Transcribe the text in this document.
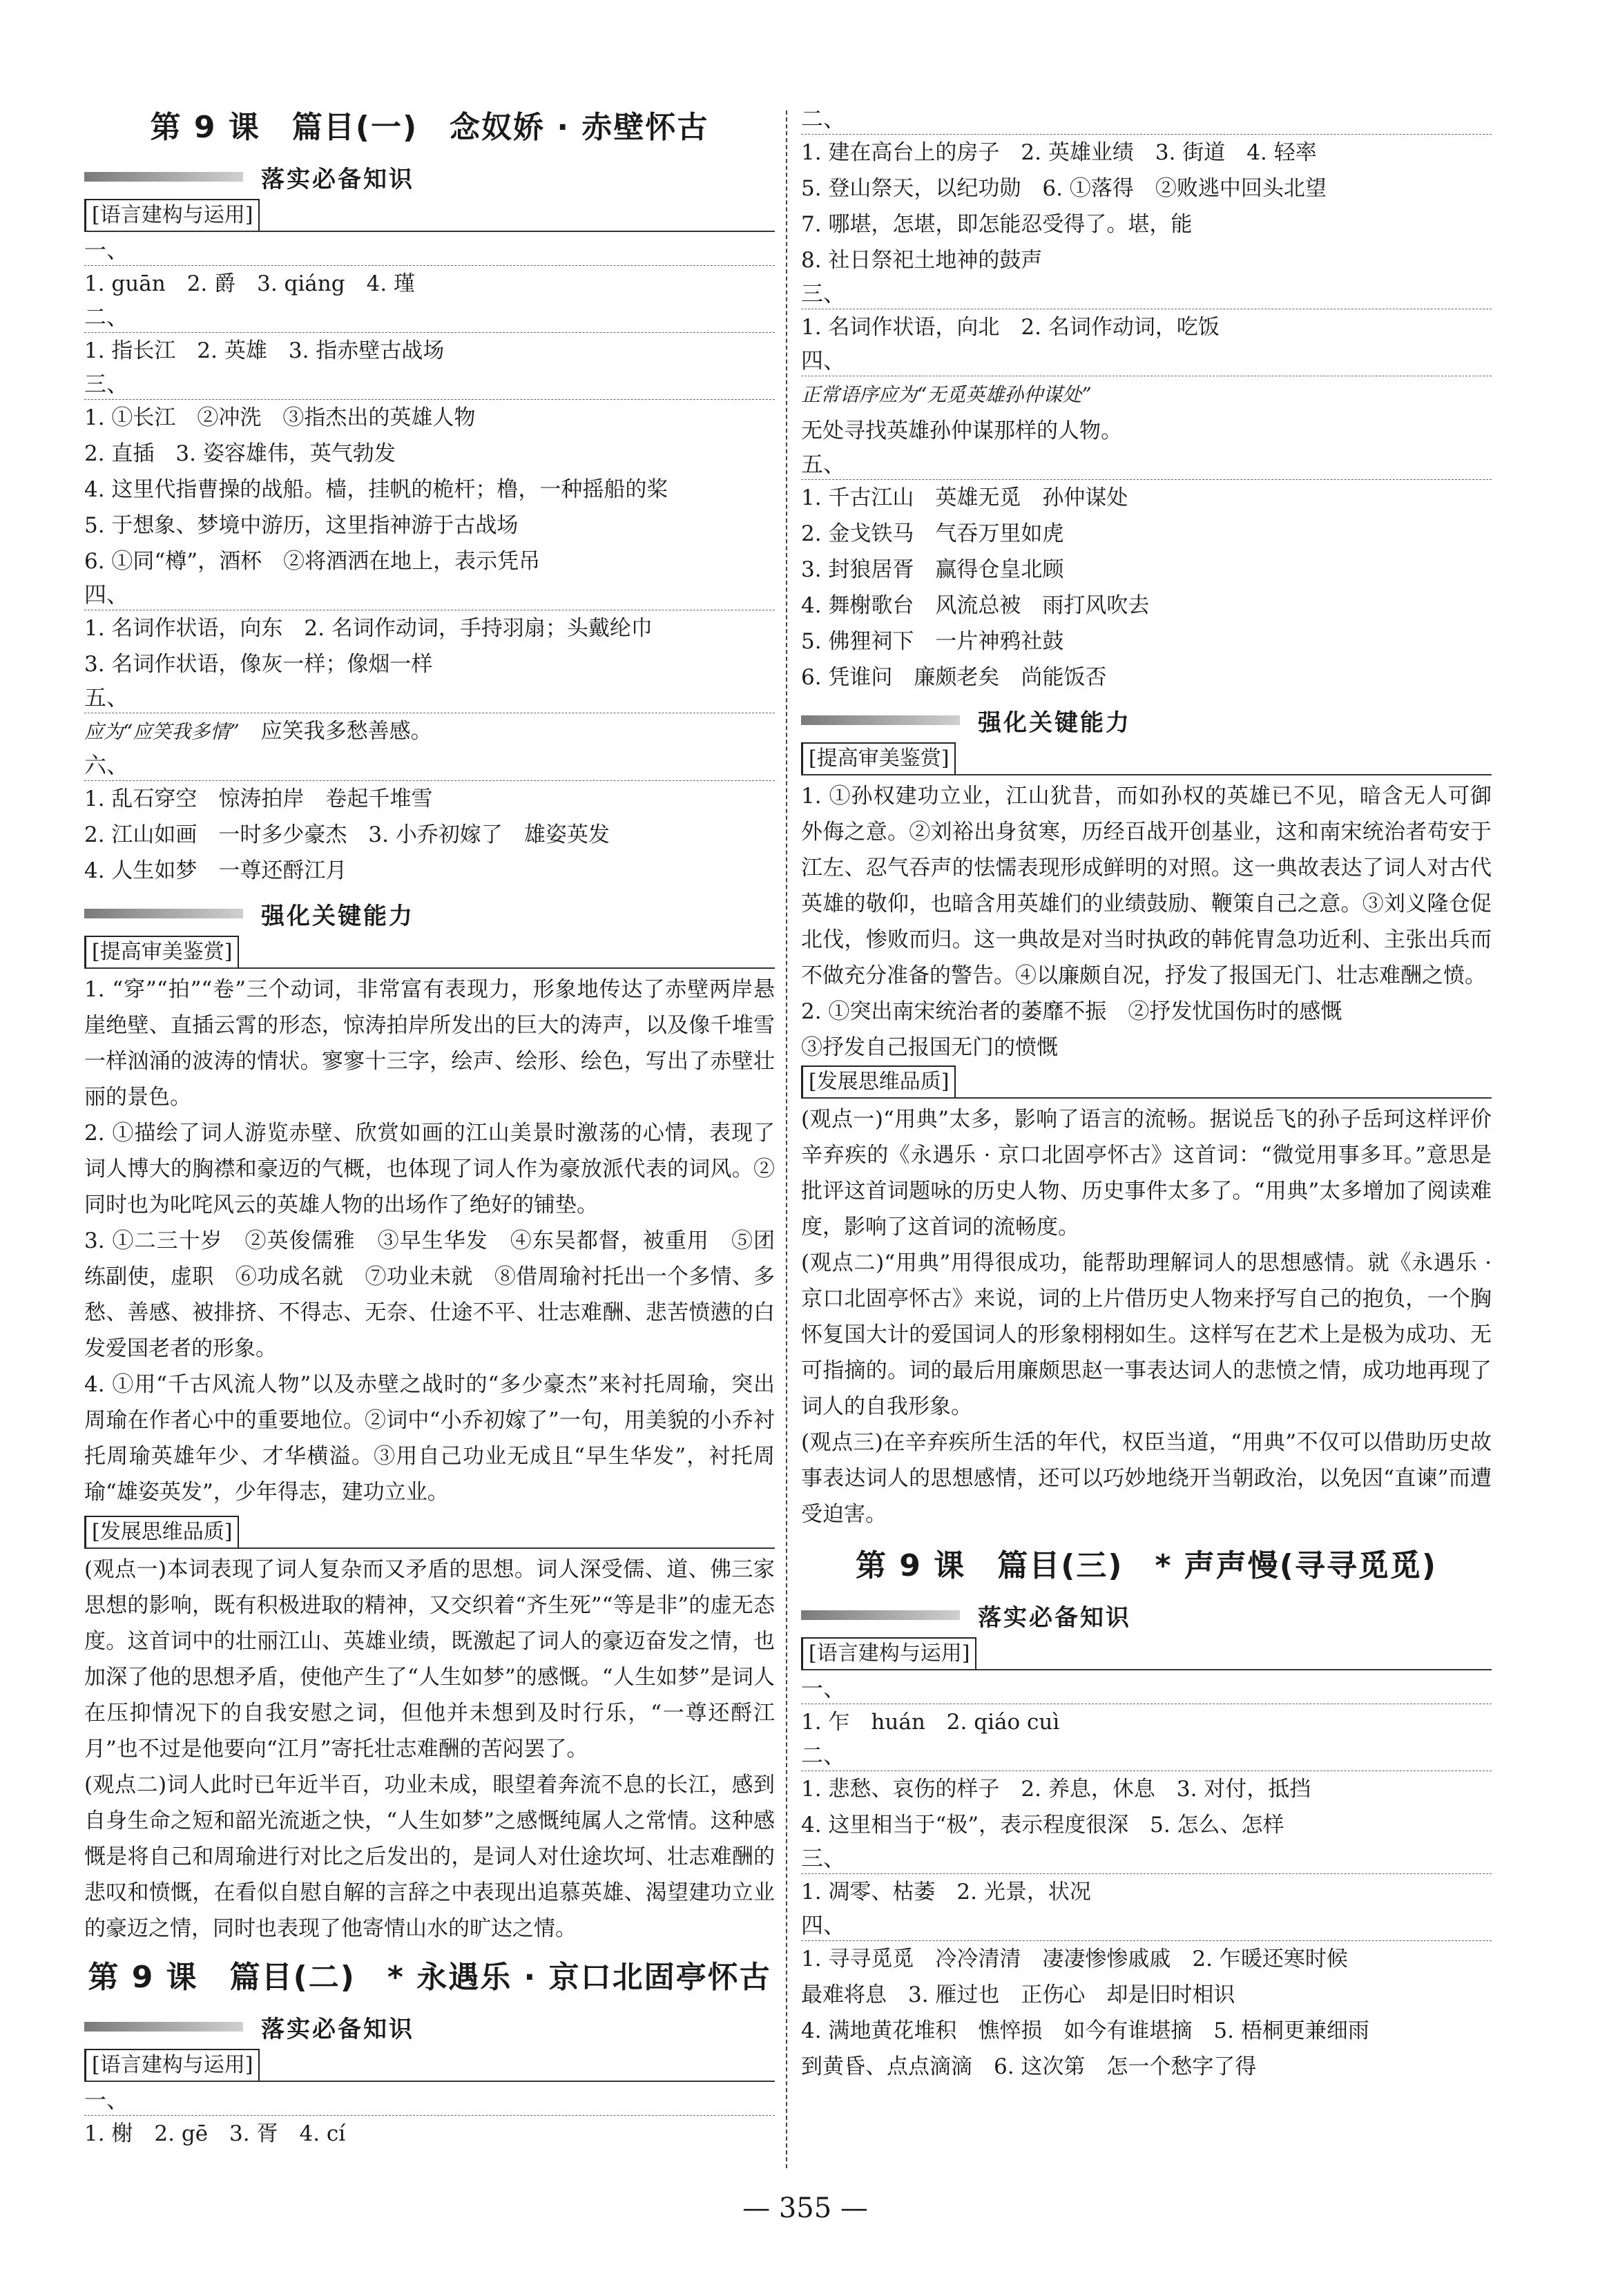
第 9 课　篇目(一)　念奴娇 · 赤壁怀古
落实必备知识
[ 语言建构与运用 ]
一、
1. guān　2. 爵　3. qiáng　4. 瑾
二、
1. 指长江　2. 英雄　3. 指赤壁古战场
三、
1. ①长江　②冲洗　③指杰出的英雄人物
2. 直插　3. 姿容雄伟，英气勃发
4. 这里代指曹操的战船。樯，挂帆的桅杆；橹，一种摇船的桨
5. 于想象、梦境中游历，这里指神游于古战场
6. ①同“樽”，酒杯　②将酒洒在地上，表示凭吊
四、
1. 名词作状语，向东　2. 名词作动词，手持羽扇；头戴纶巾
3. 名词作状语，像灰一样；像烟一样
五、
应为“应笑我多情”　 应笑我多愁善感。
六、
1. 乱石穿空　惊涛拍岸　卷起千堆雪
2. 江山如画　一时多少豪杰　3. 小乔初嫁了　雄姿英发
4. 人生如梦　一尊还酹江月
强化关键能力
[ 提高审美鉴赏 ]
1. “穿”“拍”“卷”三个动词，非常富有表现力，形象地传达了赤壁两岸悬崖绝壁、直插云霄的形态，惊涛拍岸所发出的巨大的涛声，以及像千堆雪一样汹涌的波涛的情状。寥寥十三字，绘声、绘形、绘色，写出了赤壁壮丽的景色。
2. ①描绘了词人游览赤壁、欣赏如画的江山美景时激荡的心情，表现了词人博大的胸襟和豪迈的气概，也体现了词人作为豪放派代表的词风。②同时也为叱咤风云的英雄人物的出场作了绝好的铺垫。
3. ①二三十岁　②英俊儒雅　③早生华发　④东吴都督，被重用　⑤团练副使，虚职　⑥功成名就　⑦功业未就　⑧借周瑜衬托出一个多情、多愁、善感、被排挤、不得志、无奈、仕途不平、壮志难酬、悲苦愤懑的白发爱国老者的形象。
4. ①用“千古风流人物”以及赤壁之战时的“多少豪杰”来衬托周瑜，突出周瑜在作者心中的重要地位。②词中“小乔初嫁了”一句，用美貌的小乔衬托周瑜英雄年少、才华横溢。③用自己功业无成且“早生华发”，衬托周瑜“雄姿英发”，少年得志，建功立业。
[ 发展思维品质 ]
(观点一)本词表现了词人复杂而又矛盾的思想。词人深受儒、道、佛三家思想的影响，既有积极进取的精神，又交织着“齐生死”“等是非”的虚无态度。这首词中的壮丽江山、英雄业绩，既激起了词人的豪迈奋发之情，也加深了他的思想矛盾，使他产生了“人生如梦”的感慨。“人生如梦”是词人在压抑情况下的自我安慰之词，但他并未想到及时行乐，“一尊还酹江月”也不过是他要向“江月”寄托壮志难酬的苦闷罢了。
(观点二)词人此时已年近半百，功业未成，眼望着奔流不息的长江，感到自身生命之短和韶光流逝之快，“人生如梦”之感慨纯属人之常情。这种感慨是将自己和周瑜进行对比之后发出的，是词人对仕途坎坷、壮志难酬的悲叹和愤慨，在看似自慰自解的言辞之中表现出追慕英雄、渴望建功立业的豪迈之情，同时也表现了他寄情山水的旷达之情。
第 9 课　篇目(二)　* 永遇乐 · 京口北固亭怀古
落实必备知识
[ 语言建构与运用 ]
一、
1. 榭　2. gē　3. 胥　4. cí
二、
1. 建在高台上的房子　2. 英雄业绩　3. 街道　4. 轻率
5. 登山祭天，以纪功勋　6. ①落得　②败逃中回头北望
7. 哪堪，怎堪，即怎能忍受得了。堪，能
8. 社日祭祀土地神的鼓声
三、
1. 名词作状语，向北　2. 名词作动词，吃饭
四、
正常语序应为“无觅英雄孙仲谋处”
无处寻找英雄孙仲谋那样的人物。
五、
1. 千古江山　英雄无觅　孙仲谋处
2. 金戈铁马　气吞万里如虎
3. 封狼居胥　赢得仓皇北顾
4. 舞榭歌台　风流总被　雨打风吹去
5. 佛狸祠下　一片神鸦社鼓
6. 凭谁问　廉颇老矣　尚能饭否
强化关键能力
[ 提高审美鉴赏 ]
1. ①孙权建功立业，江山犹昔，而如孙权的英雄已不见，暗含无人可御外侮之意。②刘裕出身贫寒，历经百战开创基业，这和南宋统治者苟安于江左、忍气吞声的怯懦表现形成鲜明的对照。这一典故表达了词人对古代英雄的敬仰，也暗含用英雄们的业绩鼓励、鞭策自己之意。③刘义隆仓促北伐，惨败而归。这一典故是对当时执政的韩侂胄急功近利、主张出兵而不做充分准备的警告。④以廉颇自况，抒发了报国无门、壮志难酬之愤。
2. ①突出南宋统治者的萎靡不振　②抒发忧国伤时的感慨
③抒发自己报国无门的愤慨
[ 发展思维品质 ]
(观点一)“用典”太多，影响了语言的流畅。据说岳飞的孙子岳珂这样评价辛弃疾的《永遇乐 · 京口北固亭怀古》这首词：“微觉用事多耳。”意思是批评这首词题咏的历史人物、历史事件太多了。“用典”太多增加了阅读难度，影响了这首词的流畅度。
(观点二)“用典”用得很成功，能帮助理解词人的思想感情。就《永遇乐 · 京口北固亭怀古》来说，词的上片借历史人物来抒写自己的抱负，一个胸怀复国大计的爱国词人的形象栩栩如生。这样写在艺术上是极为成功、无可指摘的。词的最后用廉颇思赵一事表达词人的悲愤之情，成功地再现了词人的自我形象。
(观点三)在辛弃疾所生活的年代，权臣当道，“用典”不仅可以借助历史故事表达词人的思想感情，还可以巧妙地绕开当朝政治，以免因“直谏”而遭受迫害。
第 9 课　篇目(三)　* 声声慢(寻寻觅觅)
落实必备知识
[ 语言建构与运用 ]
一、
1. 乍　huán　2. qiáo cuì
二、
1. 悲愁、哀伤的样子　2. 养息，休息　3. 对付，抵挡
4. 这里相当于“极”，表示程度很深　5. 怎么、怎样
三、
1. 凋零、枯萎　2. 光景，状况
四、
1. 寻寻觅觅　冷冷清清　凄凄惨惨戚戚　2. 乍暖还寒时候
最难将息　3. 雁过也　正伤心　却是旧时相识
4. 满地黄花堆积　憔悴损　如今有谁堪摘　5. 梧桐更兼细雨
到黄昏、点点滴滴　6. 这次第　怎一个愁字了得
— 355 —
